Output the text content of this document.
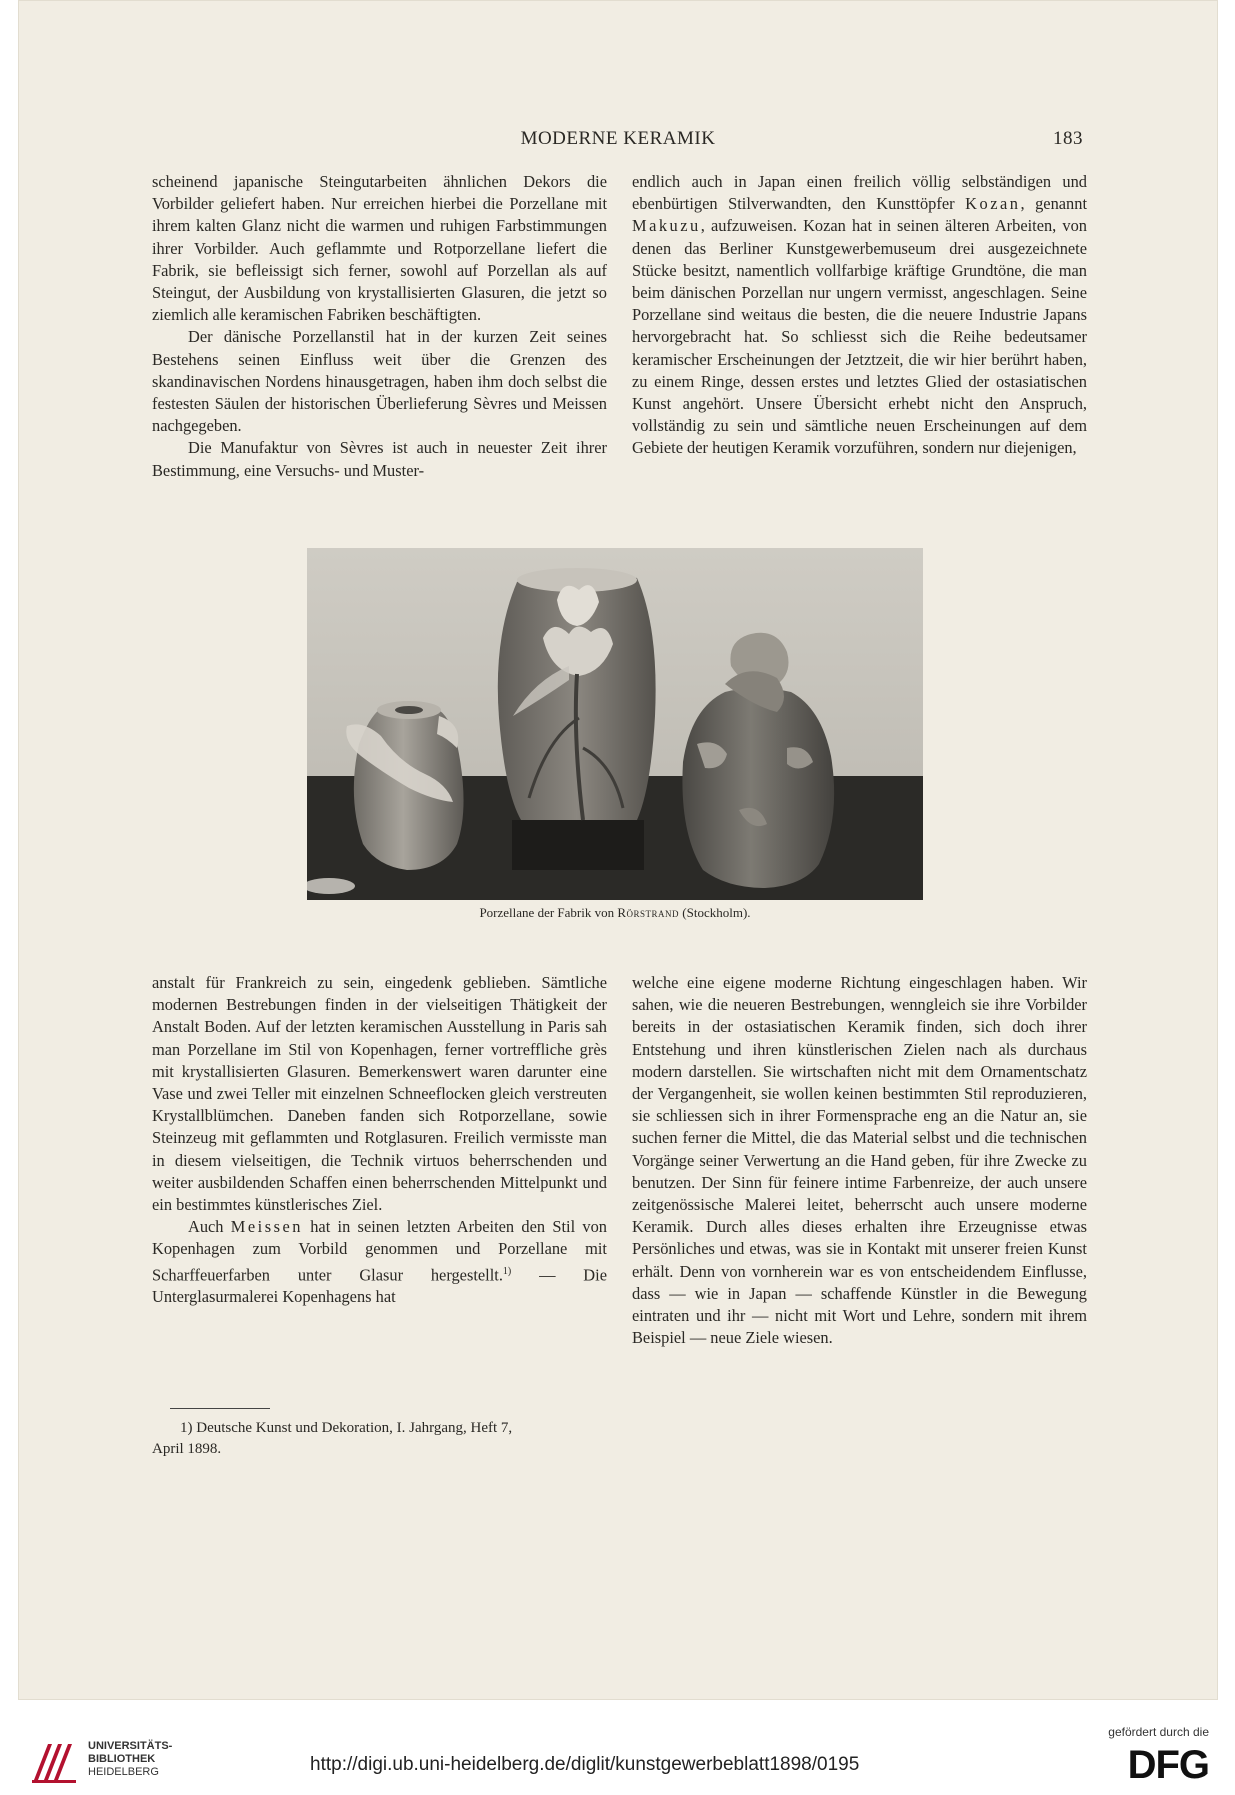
MODERNE KERAMIK	183

scheinend japanische Steingutarbeiten ähnlichen Dekors die Vorbilder geliefert haben. Nur erreichen hierbei die Porzellane mit ihrem kalten Glanz nicht die warmen und ruhigen Farbstimmungen ihrer Vorbilder. Auch geflammte und Rotporzellane liefert die Fabrik, sie befleissigt sich ferner, sowohl auf Porzellan als auf Steingut, der Ausbildung von krystallisierten Glasuren, die jetzt so ziemlich alle keramischen Fabriken beschäftigten.

Der dänische Porzellanstil hat in der kurzen Zeit seines Bestehens seinen Einfluss weit über die Grenzen des skandinavischen Nordens hinausgetragen, haben ihm doch selbst die festesten Säulen der historischen Überlieferung Sèvres und Meissen nachgegeben.

Die Manufaktur von Sèvres ist auch in neuester Zeit ihrer Bestimmung, eine Versuchs- und Muster-

endlich auch in Japan einen freilich völlig selbständigen und ebenbürtigen Stilverwandten, den Kunsttöpfer Kozan, genannt Makuzu, aufzuweisen. Kozan hat in seinen älteren Arbeiten, von denen das Berliner Kunstgewerbemuseum drei ausgezeichnete Stücke besitzt, namentlich vollfarbige kräftige Grundtöne, die man beim dänischen Porzellan nur ungern vermisst, angeschlagen. Seine Porzellane sind weitaus die besten, die die neuere Industrie Japans hervorgebracht hat. So schliesst sich die Reihe bedeutsamer keramischer Erscheinungen der Jetztzeit, die wir hier berührt haben, zu einem Ringe, dessen erstes und letztes Glied der ostasiatischen Kunst angehört. Unsere Übersicht erhebt nicht den Anspruch, vollständig zu sein und sämtliche neuen Erscheinungen auf dem Gebiete der heutigen Keramik vorzuführen, sondern nur diejenigen,

Porzellane der Fabrik von Rörstrand (Stockholm).

anstalt für Frankreich zu sein, eingedenk geblieben. Sämtliche modernen Bestrebungen finden in der vielseitigen Thätigkeit der Anstalt Boden. Auf der letzten keramischen Ausstellung in Paris sah man Porzellane im Stil von Kopenhagen, ferner vortreffliche grès mit krystallisierten Glasuren. Bemerkenswert waren darunter eine Vase und zwei Teller mit einzelnen Schneeflocken gleich verstreuten Krystallblümchen. Daneben fanden sich Rotporzellane, sowie Steinzeug mit geflammten und Rotglasuren. Freilich vermisste man in diesem vielseitigen, die Technik virtuos beherrschenden und weiter ausbildenden Schaffen einen beherrschenden Mittelpunkt und ein bestimmtes künstlerisches Ziel.

Auch Meissen hat in seinen letzten Arbeiten den Stil von Kopenhagen zum Vorbild genommen und Porzellane mit Scharffeuerfarben unter Glasur hergestellt.$^{1)}$ — Die Unterglasurmalerei Kopenhagens hat

1) Deutsche Kunst und Dekoration, I. Jahrgang, Heft 7,
April 1898.

welche eine eigene moderne Richtung eingeschlagen haben. Wir sahen, wie die neueren Bestrebungen, wenngleich sie ihre Vorbilder bereits in der ostasiatischen Keramik finden, sich doch ihrer Entstehung und ihren künstlerischen Zielen nach als durchaus modern darstellen. Sie wirtschaften nicht mit dem Ornamentschatz der Vergangenheit, sie wollen keinen bestimmten Stil reproduzieren, sie schliessen sich in ihrer Formensprache eng an die Natur an, sie suchen ferner die Mittel, die das Material selbst und die technischen Vorgänge seiner Verwertung an die Hand geben, für ihre Zwecke zu benutzen. Der Sinn für feinere intime Farbenreize, der auch unsere zeitgenössische Malerei leitet, beherrscht auch unsere moderne Keramik. Durch alles dieses erhalten ihre Erzeugnisse etwas Persönliches und etwas, was sie in Kontakt mit unserer freien Kunst erhält. Denn von vornherein war es von entscheidendem Einflusse, dass — wie in Japan — schaffende Künstler in die Bewegung eintraten und ihr — nicht mit Wort und Lehre, sondern mit ihrem Beispiel — neue Ziele wiesen.

UNIVERSITÄTS-
BIBLIOTHEK
HEIDELBERG	http://digi.ub.uni-heidelberg.de/diglit/kunstgewerbeblatt1898/0195
gefördert durch die
DFG
